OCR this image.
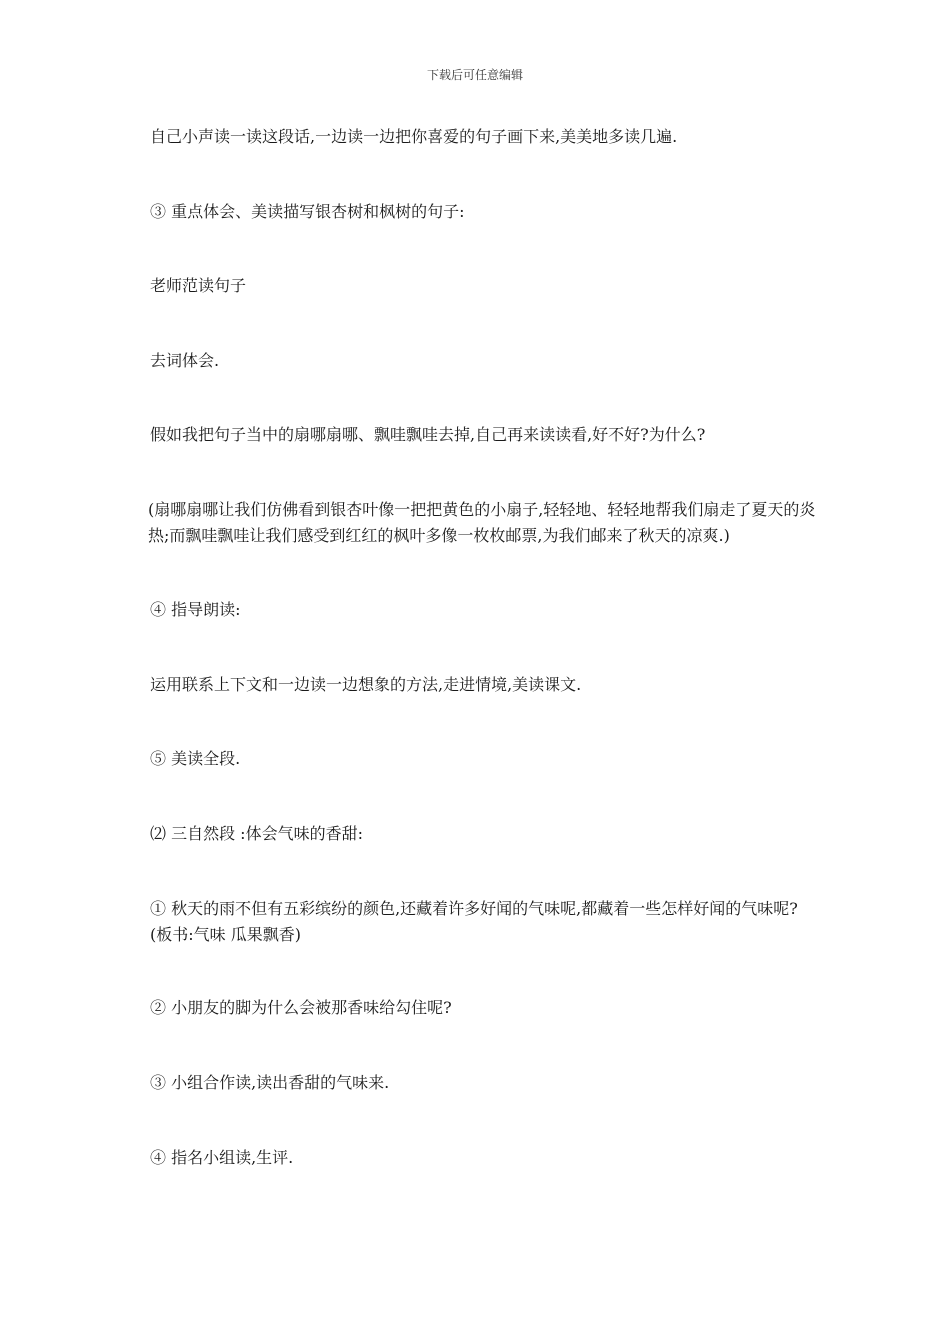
下载后可任意编辑
自己小声读一读这段话,一边读一边把你喜爱的句子画下来,美美地多读几遍.
③ 重点体会、美读描写银杏树和枫树的句子:
老师范读句子
去词体会.
假如我把句子当中的扇哪扇哪、飘哇飘哇去掉,自己再来读读看,好不好?为什么?
(扇哪扇哪让我们仿佛看到银杏叶像一把把黄色的小扇子,轻轻地、轻轻地帮我们扇走了夏天的炎热;而飘哇飘哇让我们感受到红红的枫叶多像一枚枚邮票,为我们邮来了秋天的凉爽.)
④ 指导朗读:
运用联系上下文和一边读一边想象的方法,走进情境,美读课文.
⑤ 美读全段.
⑵ 三自然段 :体会气味的香甜:
① 秋天的雨不但有五彩缤纷的颜色,还藏着许多好闻的气味呢,都藏着一些怎样好闻的气味呢?(板书:气味 瓜果飘香)
② 小朋友的脚为什么会被那香味给勾住呢?
③ 小组合作读,读出香甜的气味来.
④ 指名小组读,生评.
